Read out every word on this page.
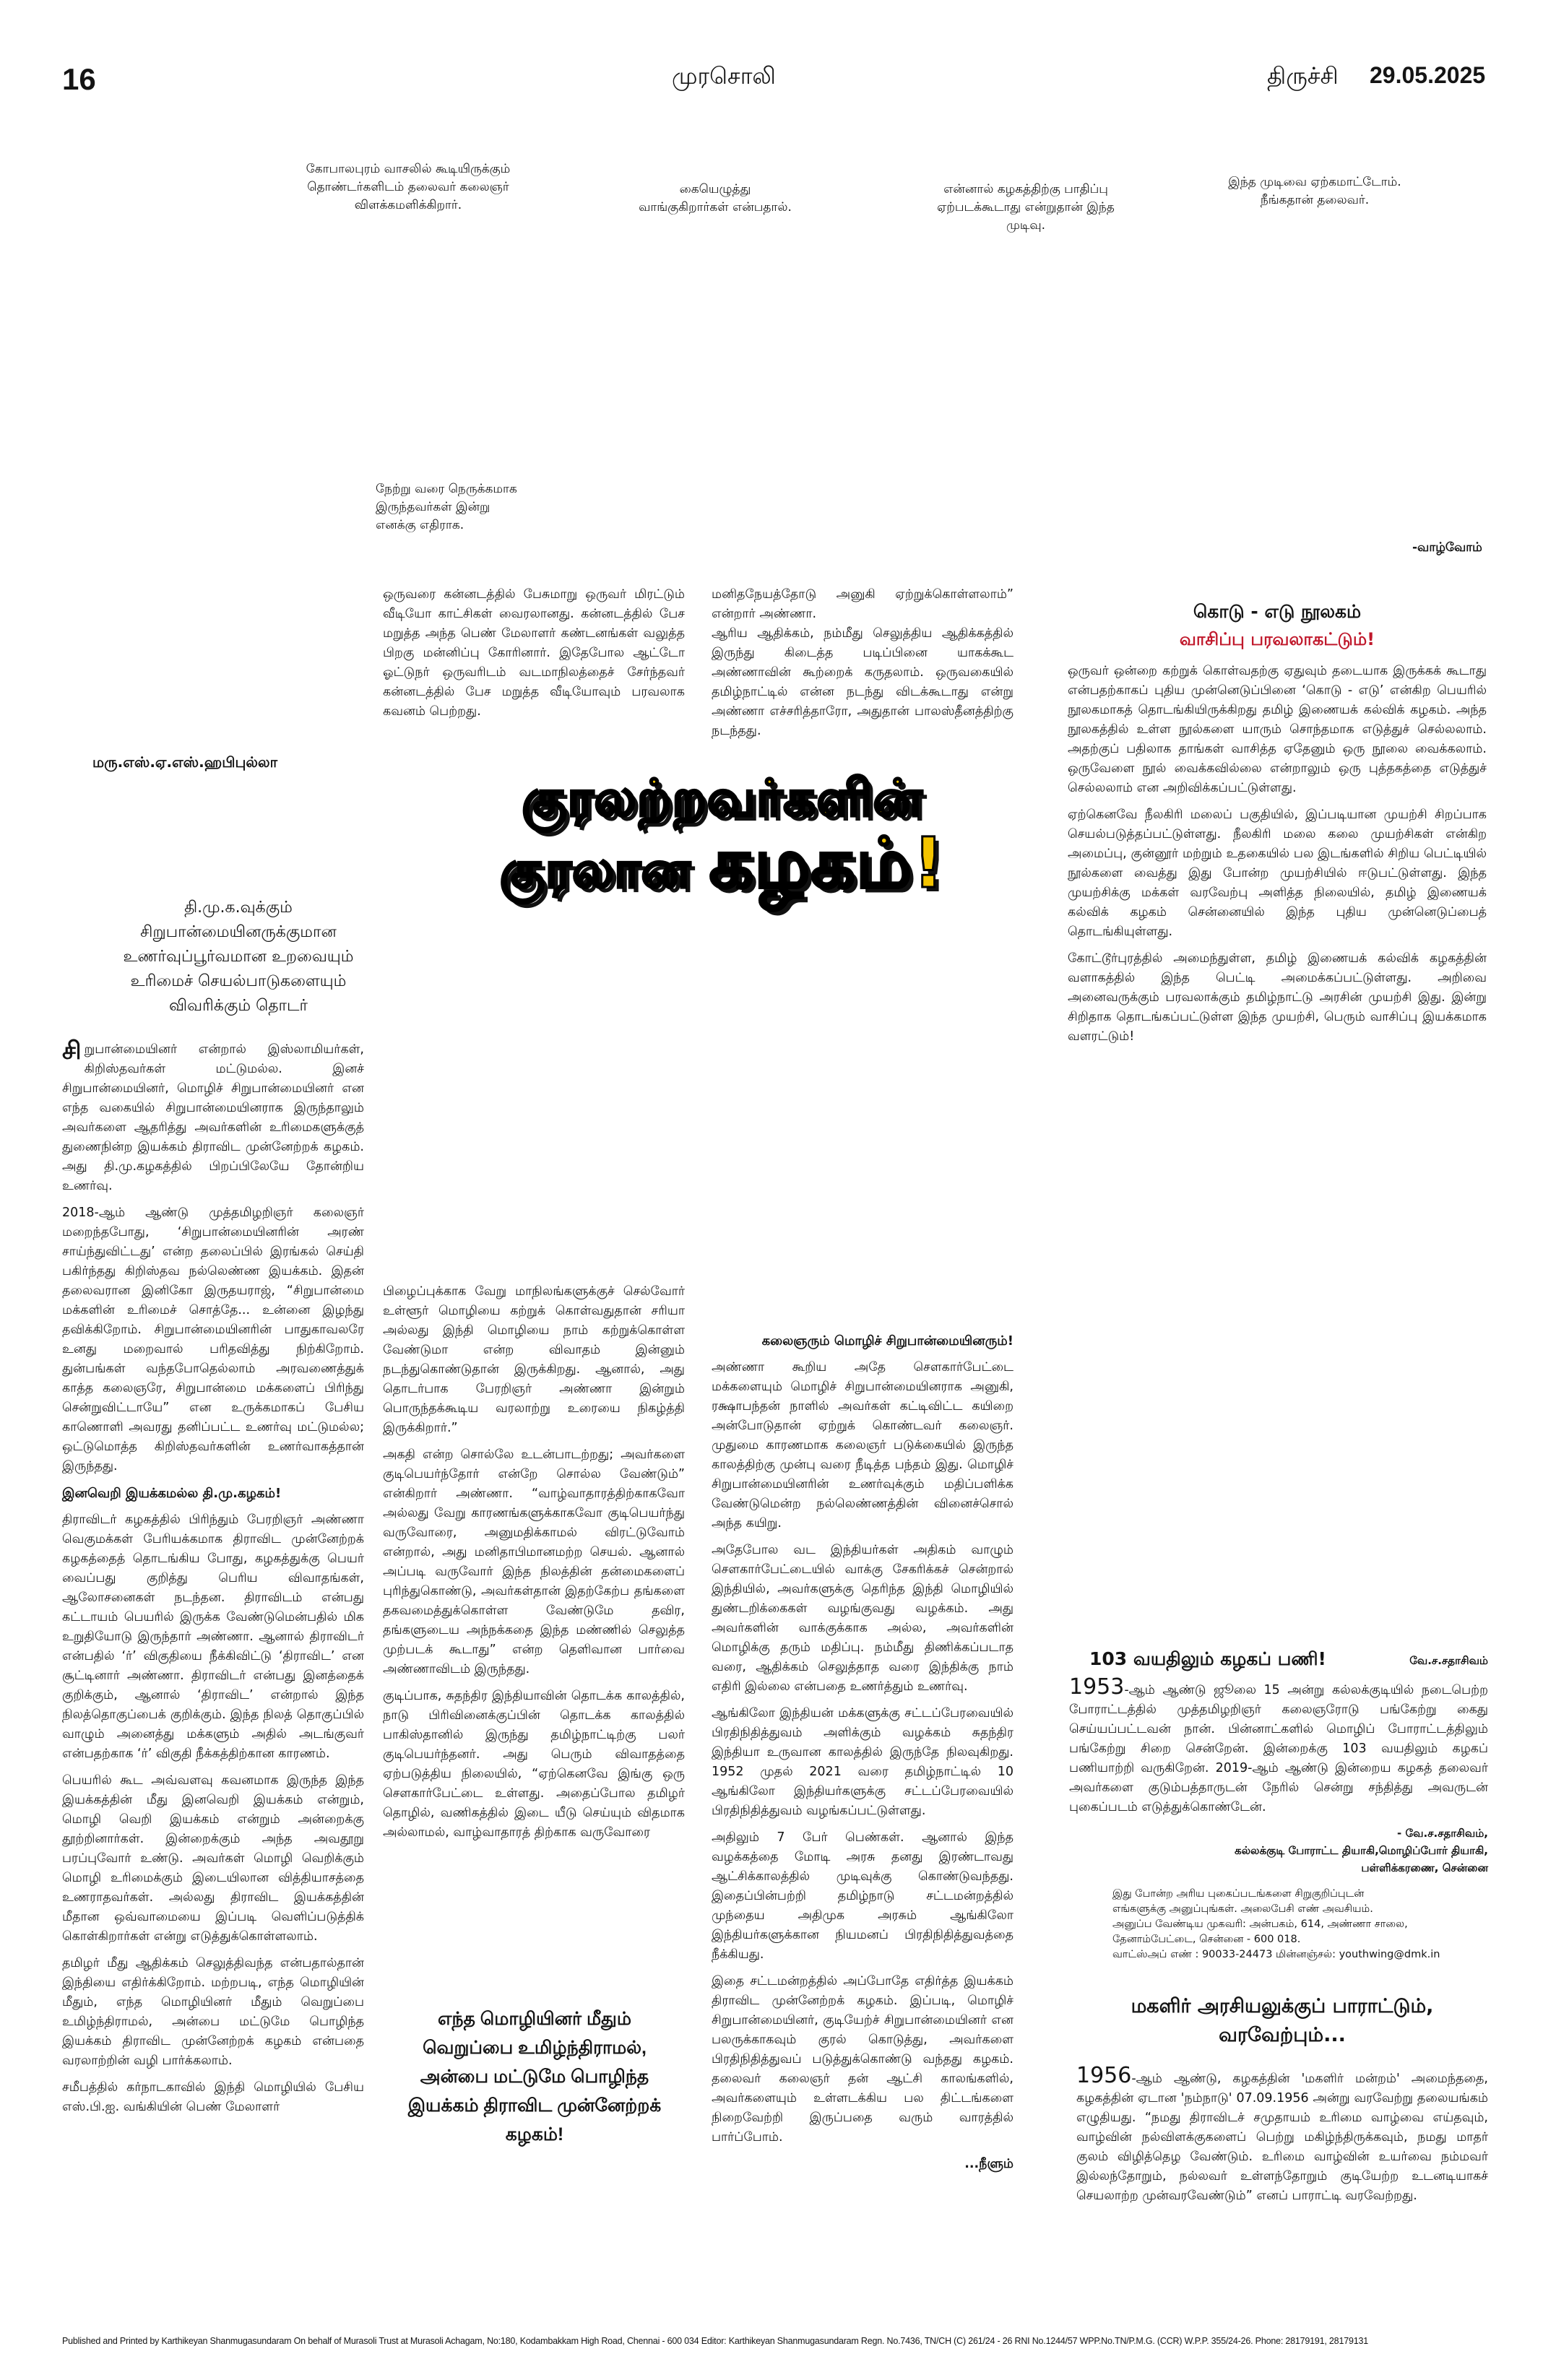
16	முரசொலி	திருச்சி 29.05.2025
கோபாலபுரம் வாசலில் கூடியிருக்கும் தொண்டர்களிடம் தலைவர் கலைஞர் விளக்கமளிக்கிறார்.
கையெழுத்து வாங்குகிறார்கள் என்பதால்.
என்னால் கழகத்திற்கு பாதிப்பு ஏற்படக்கூடாது என்றுதான் இந்த முடிவு.
இந்த முடிவை ஏற்கமாட்டோம். நீங்கதான் தலைவர்.
நேற்று வரை நெருக்கமாக இருந்தவர்கள் இன்று எனக்கு எதிராக.
-வாழ்வோம்
மரு.எஸ்.ஏ.எஸ்.ஹபிபுல்லா
ஒருவரை கன்னடத்தில் பேசுமாறு ஒருவர் மிரட்டும் வீடியோ காட்சிகள் வைரலானது. கன்னடத்தில் பேச மறுத்த அந்த பெண் மேலாளர் கண்டனங்கள் வலுத்த பிறகு மன்னிப்பு கோரினார். இதேபோல ஆட்டோ ஓட்டுநர் ஒருவரிடம் வடமாநிலத்தைச் சேர்ந்தவர் கன்னடத்தில் பேச மறுத்த வீடியோவும் பரவலாக கவனம் பெற்றது.
மனிதநேயத்தோடு அனுகி ஏற்றுக்கொள்ளலாம்” என்றார் அண்ணா.
ஆரிய ஆதிக்கம், நம்மீது செலுத்திய ஆதிக்கத்தில் இருந்து கிடைத்த படிப்பினை யாகக்கூட அண்ணாவின் கூற்றைக் கருதலாம். ஒருவகையில் தமிழ்நாட்டில் என்ன நடந்து விடக்கூடாது என்று அண்ணா எச்சரித்தாரோ, அதுதான் பாலஸ்தீனத்திற்கு நடந்தது.
குரலற்றவர்களின்
குரலான கழகம்!
தி.மு.க.வுக்கும் சிறுபான்மையினருக்குமான உணர்வுப்பூர்வமான உறவையும் உரிமைச் செயல்பாடுகளையும் விவரிக்கும் தொடர்

சிறுபான்மையினர் என்றால் இஸ்லாமியர்கள், கிறிஸ்தவர்கள் மட்டுமல்ல. இனச் சிறுபான்மையினர், மொழிச் சிறுபான்மையினர் என எந்த வகையில் சிறுபான்மையினராக இருந்தாலும் அவர்களை ஆதரித்து அவர்களின் உரிமைகளுக்குத் துணைநின்ற இயக்கம் திராவிட முன்னேற்றக் கழகம். அது தி.மு.கழகத்தில் பிறப்பிலேயே தோன்றிய உணர்வு.

2018-ஆம் ஆண்டு முத்தமிழறிஞர் கலைஞர் மறைந்தபோது, ‘சிறுபான்மையினரின் அரண் சாய்ந்துவிட்டது’ என்ற தலைப்பில் இரங்கல் செய்தி பகிர்ந்தது கிறிஸ்தவ நல்லெண்ண இயக்கம். இதன் தலைவரான இனிகோ இருதயராஜ், “சிறுபான்மை மக்களின் உரிமைச் சொத்தே... உன்னை இழந்து தவிக்கிறோம். சிறுபான்மையினரின் பாதுகாவலரே உனது மறைவால் பரிதவித்து நிற்கிறோம். துன்பங்கள் வந்தபோதெல்லாம் அரவணைத்துக் காத்த கலைஞரே, சிறுபான்மை மக்களைப் பிரிந்து சென்றுவிட்டாயே” என உருக்கமாகப் பேசிய காணொளி அவரது தனிப்பட்ட உணர்வு மட்டுமல்ல; ஒட்டுமொத்த கிறிஸ்தவர்களின் உணர்வாகத்தான் இருந்தது.

இனவெறி இயக்கமல்ல தி.மு.கழகம்!

திராவிடர் கழகத்தில் பிரிந்தும் பேரறிஞர் அண்ணா வெகுமக்கள் பேரியக்கமாக திராவிட முன்னேற்றக் கழகத்தைத் தொடங்கிய போது, கழகத்துக்கு பெயர் வைப்பது குறித்து பெரிய விவாதங்கள், ஆலோசனைகள் நடந்தன. திராவிடம் என்பது கட்டாயம் பெயரில் இருக்க வேண்டுமென்பதில் மிக உறுதியோடு இருந்தார் அண்ணா. ஆனால் திராவிடர் என்பதில் ‘ர்’ விகுதியை நீக்கிவிட்டு ‘திராவிட’ என சூட்டினார் அண்ணா. திராவிடர் என்பது இனத்தைக் குறிக்கும், ஆனால் ‘திராவிட’ என்றால் இந்த நிலத்தொகுப்பைக் குறிக்கும். இந்த நிலத் தொகுப்பில் வாழும் அனைத்து மக்களும் அதில் அடங்குவர் என்பதற்காக ‘ர்’ விகுதி நீக்கத்திற்கான காரணம்.

பெயரில் கூட அவ்வளவு கவனமாக இருந்த இந்த இயக்கத்தின் மீது இனவெறி இயக்கம் என்றும், மொழி வெறி இயக்கம் என்றும் அன்றைக்கு தூற்றினார்கள். இன்றைக்கும் அந்த அவதூறு பரப்புவோர் உண்டு. அவர்கள் மொழி வெறிக்கும் மொழி உரிமைக்கும் இடையிலான வித்தியாசத்தை உணராதவர்கள். அல்லது திராவிட இயக்கத்தின் மீதான ஒவ்வாமையை இப்படி வெளிப்படுத்திக் கொள்கிறார்கள் என்று எடுத்துக்கொள்ளலாம்.

தமிழர் மீது ஆதிக்கம் செலுத்திவந்த என்பதால்தான் இந்தியை எதிர்க்கிறோம். மற்றபடி, எந்த மொழியின் மீதும், எந்த மொழியினர் மீதும் வெறுப்பை உமிழ்ந்திராமல், அன்பை மட்டுமே பொழிந்த இயக்கம் திராவிட முன்னேற்றக் கழகம் என்பதை வரலாற்றின் வழி பார்க்கலாம்.

சமீபத்தில் கர்நாடகாவில் இந்தி மொழியில் பேசிய எஸ்.பி.ஐ. வங்கியின் பெண் மேலாளர்

பிழைப்புக்காக வேறு மாநிலங்களுக்குச் செல்வோர் உள்ளூர் மொழியை கற்றுக் கொள்வதுதான் சரியா அல்லது இந்தி மொழியை நாம் கற்றுக்கொள்ள வேண்டுமா என்ற விவாதம் இன்னும் நடந்துகொண்டுதான் இருக்கிறது. ஆனால், அது தொடர்பாக பேரறிஞர் அண்ணா இன்றும் பொருந்தக்கூடிய வரலாற்று உரையை நிகழ்த்தி இருக்கிறார்.”

அகதி என்ற சொல்லே உடன்பாடற்றது; அவர்களை குடிபெயர்ந்தோர் என்றே சொல்ல வேண்டும்” என்கிறார் அண்ணா. “வாழ்வாதாரத்திற்காகவோ அல்லது வேறு காரணங்களுக்காகவோ குடிபெயர்ந்து வருவோரை, அனுமதிக்காமல் விரட்டுவோம் என்றால், அது மனிதாபிமானமற்ற செயல். ஆனால் அப்படி வருவோர் இந்த நிலத்தின் தன்மைகளைப் புரிந்துகொண்டு, அவர்கள்தான் இதற்கேற்ப தங்களை தகவமைத்துக்கொள்ள வேண்டுமே தவிர, தங்களுடைய அந்நக்கதை இந்த மண்ணில் செலுத்த முற்படக் கூடாது” என்ற தெளிவான பார்வை அண்ணாவிடம் இருந்தது.

குடிப்பாக, சுதந்திர இந்தியாவின் தொடக்க காலத்தில், நாடு பிரிவினைக்குப்பின் தொடக்க காலத்தில் பாகிஸ்தானில் இருந்து தமிழ்நாட்டிற்கு பலர் குடிபெயர்ந்தனர். அது பெரும் விவாதத்தை ஏற்படுத்திய நிலையில், “ஏற்கெனவே இங்கு ஒரு சௌகார்பேட்டை உள்ளது. அதைப்போல தமிழர் தொழில், வணிகத்தில் இடை யீடு செய்யும் விதமாக அல்லாமல், வாழ்வாதாரத் திற்காக வருவோரை

எந்த மொழியினர் மீதும் வெறுப்பை உமிழ்ந்திராமல், அன்பை மட்டுமே பொழிந்த இயக்கம் திராவிட முன்னேற்றக் கழகம்!
கலைஞரும் மொழிச் சிறுபான்மையினரும்!

அண்ணா கூறிய அதே சௌகார்பேட்டை மக்களையும் மொழிச் சிறுபான்மையினராக அனுகி, ரக்ஷாபந்தன் நாளில் அவர்கள் கட்டிவிட்ட கயிறை அன்போடுதான் ஏற்றுக் கொண்டவர் கலைஞர். முதுமை காரணமாக கலைஞர் படுக்கையில் இருந்த காலத்திற்கு முன்பு வரை நீடித்த பந்தம் இது. மொழிச் சிறுபான்மையினரின் உணர்வுக்கும் மதிப்பளிக்க வேண்டுமென்ற நல்லெண்ணத்தின் வினைச்சொல் அந்த கயிறு.

அதேபோல வட இந்தியர்கள் அதிகம் வாழும் சௌகார்பேட்டையில் வாக்கு சேகரிக்கச் சென்றால் இந்தியில், அவர்களுக்கு தெரிந்த இந்தி மொழியில் துண்டறிக்கைகள் வழங்குவது வழக்கம். அது அவர்களின் வாக்குக்காக அல்ல, அவர்களின் மொழிக்கு தரும் மதிப்பு. நம்மீது திணிக்கப்படாத வரை, ஆதிக்கம் செலுத்தாத வரை இந்திக்கு நாம் எதிரி இல்லை என்பதை உணர்த்தும் உணர்வு.

ஆங்கிலோ இந்தியன் மக்களுக்கு சட்டப்பேரவையில் பிரதிநிதித்துவம் அளிக்கும் வழக்கம் சுதந்திர இந்தியா உருவான காலத்தில் இருந்தே நிலவுகிறது. 1952 முதல் 2021 வரை தமிழ்நாட்டில் 10 ஆங்கிலோ இந்தியர்களுக்கு சட்டப்பேரவையில் பிரதிநிதித்துவம் வழங்கப்பட்டுள்ளது.

அதிலும் 7 பேர் பெண்கள். ஆனால் இந்த வழக்கத்தை மோடி அரசு தனது இரண்டாவது ஆட்சிக்காலத்தில் முடிவுக்கு கொண்டுவந்தது. இதைப்பின்பற்றி தமிழ்நாடு சட்டமன்றத்தில் முந்தைய அதிமுக அரசும் ஆங்கிலோ இந்தியர்களுக்கான நியமனப் பிரதிநிதித்துவத்தை நீக்கியது.

இதை சட்டமன்றத்தில் அப்போதே எதிர்த்த இயக்கம் திராவிட முன்னேற்றக் கழகம். இப்படி, மொழிச் சிறுபான்மையினர், குடியேற்ச் சிறுபான்மையினர் என பலருக்காகவும் குரல் கொடுத்து, அவர்களை பிரதிநிதித்துவப் படுத்துக்கொண்டு வந்தது கழகம். தலைவர் கலைஞர் தன் ஆட்சி காலங்களில், அவர்களையும் உள்ளடக்கிய பல திட்டங்களை நிறைவேற்றி இருப்பதை வரும் வாரத்தில் பார்ப்போம்.

...நீளும்
கொடு - எடு நூலகம்
வாசிப்பு பரவலாகட்டும்!

ஒருவர் ஒன்றை கற்றுக் கொள்வதற்கு ஏதுவும் தடையாக இருக்கக் கூடாது என்பதற்காகப் புதிய முன்னெடுப்பினை ‘கொடு - எடு’ என்கிற பெயரில் நூலகமாகத் தொடங்கியிருக்கிறது தமிழ் இணையக் கல்விக் கழகம். அந்த நூலகத்தில் உள்ள நூல்களை யாரும் சொந்தமாக எடுத்துச் செல்லலாம். அதற்குப் பதிலாக தாங்கள் வாசித்த ஏதேனும் ஒரு நூலை வைக்கலாம். ஒருவேளை நூல் வைக்கவில்லை என்றாலும் ஒரு புத்தகத்தை எடுத்துச் செல்லலாம் என அறிவிக்கப்பட்டுள்ளது.

ஏற்கெனவே நீலகிரி மலைப் பகுதியில், இப்படியான முயற்சி சிறப்பாக செயல்படுத்தப்பட்டுள்ளது. நீலகிரி மலை கலை முயற்சிகள் என்கிற அமைப்பு, குன்னூர் மற்றும் உதகையில் பல இடங்களில் சிறிய பெட்டியில் நூல்களை வைத்து இது போன்ற முயற்சியில் ஈடுபட்டுள்ளது. இந்த முயற்சிக்கு மக்கள் வரவேற்பு அளித்த நிலையில், தமிழ் இணையக் கல்விக் கழகம் சென்னையில் இந்த புதிய முன்னெடுப்பைத் தொடங்கியுள்ளது.

கோட்டூர்புரத்தில் அமைந்துள்ள, தமிழ் இணையக் கல்விக் கழகத்தின் வளாகத்தில் இந்த பெட்டி அமைக்கப்பட்டுள்ளது. அறிவை அனைவருக்கும் பரவலாக்கும் தமிழ்நாட்டு அரசின் முயற்சி இது. இன்று சிறிதாக தொடங்கப்பட்டுள்ள இந்த முயற்சி, பெரும் வாசிப்பு இயக்கமாக வளரட்டும்!

103 வயதிலும் கழகப் பணி!	வே.ச.சதாசிவம்
1953-ஆம் ஆண்டு ஜூலை 15 அன்று கல்லக்குடியில் நடைபெற்ற போராட்டத்தில் முத்தமிழறிஞர் கலைஞரோடு பங்கேற்று கைது செய்யப்பட்டவன் நான். பின்னாட்களில் மொழிப் போராட்டத்திலும் பங்கேற்று சிறை சென்றேன். இன்றைக்கு 103 வயதிலும் கழகப் பணியாற்றி வருகிறேன். 2019-ஆம் ஆண்டு இன்றைய கழகத் தலைவர் அவர்களை குடும்பத்தாருடன் நேரில் சென்று சந்தித்து அவருடன் புகைப்படம் எடுத்துக்கொண்டேன்.
- வே.ச.சதாசிவம்,
கல்லக்குடி போராட்ட தியாகி,மொழிப்போர் தியாகி,
பள்ளிக்கரணை, சென்னை
இது போன்ற அரிய புகைப்படங்களை சிறுகுறிப்புடன்
எங்களுக்கு அனுப்புங்கள். அலைபேசி எண் அவசியம்.
அனுப்ப வேண்டிய முகவரி: அன்பகம், 614, அண்ணா சாலை,
தேனாம்பேட்டை, சென்னை - 600 018.
வாட்ஸ்அப் எண் : 90033-24473 மின்னஞ்சல்: youthwing@dmk.in
மகளிர் அரசியலுக்குப் பாராட்டும்,
வரவேற்பும்...
1956-ஆம் ஆண்டு, கழகத்தின் 'மகளிர் மன்றம்' அமைந்ததை, கழகத்தின் ஏடான 'நம்நாடு' 07.09.1956 அன்று வரவேற்று தலையங்கம் எழுதியது. “நமது திராவிடச் சமுதாயம் உரிமை வாழ்வை எய்தவும், வாழ்வின் நல்விளக்குகளைப் பெற்று மகிழ்ந்திருக்கவும், நமது மாதர் குலம் விழித்தெழ வேண்டும். உரிமை வாழ்வின் உயர்வை நம்மவர் இல்லந்தோறும், நல்லவர் உள்ளந்தோறும் குடியேற்ற உடனடியாகச் செயலாற்ற முன்வரவேண்டும்” எனப் பாராட்டி வரவேற்றது.
Published and Printed by Karthikeyan Shanmugasundaram On behalf of Murasoli Trust at Murasoli Achagam, No:180, Kodambakkam High Road, Chennai - 600 034 Editor: Karthikeyan Shanmugasundaram Regn. No.7436, TN/CH (C) 261/24 - 26 RNI No.1244/57 WPP.No.TN/P.M.G. (CCR) W.P.P. 355/24-26. Phone: 28179191, 28179131
